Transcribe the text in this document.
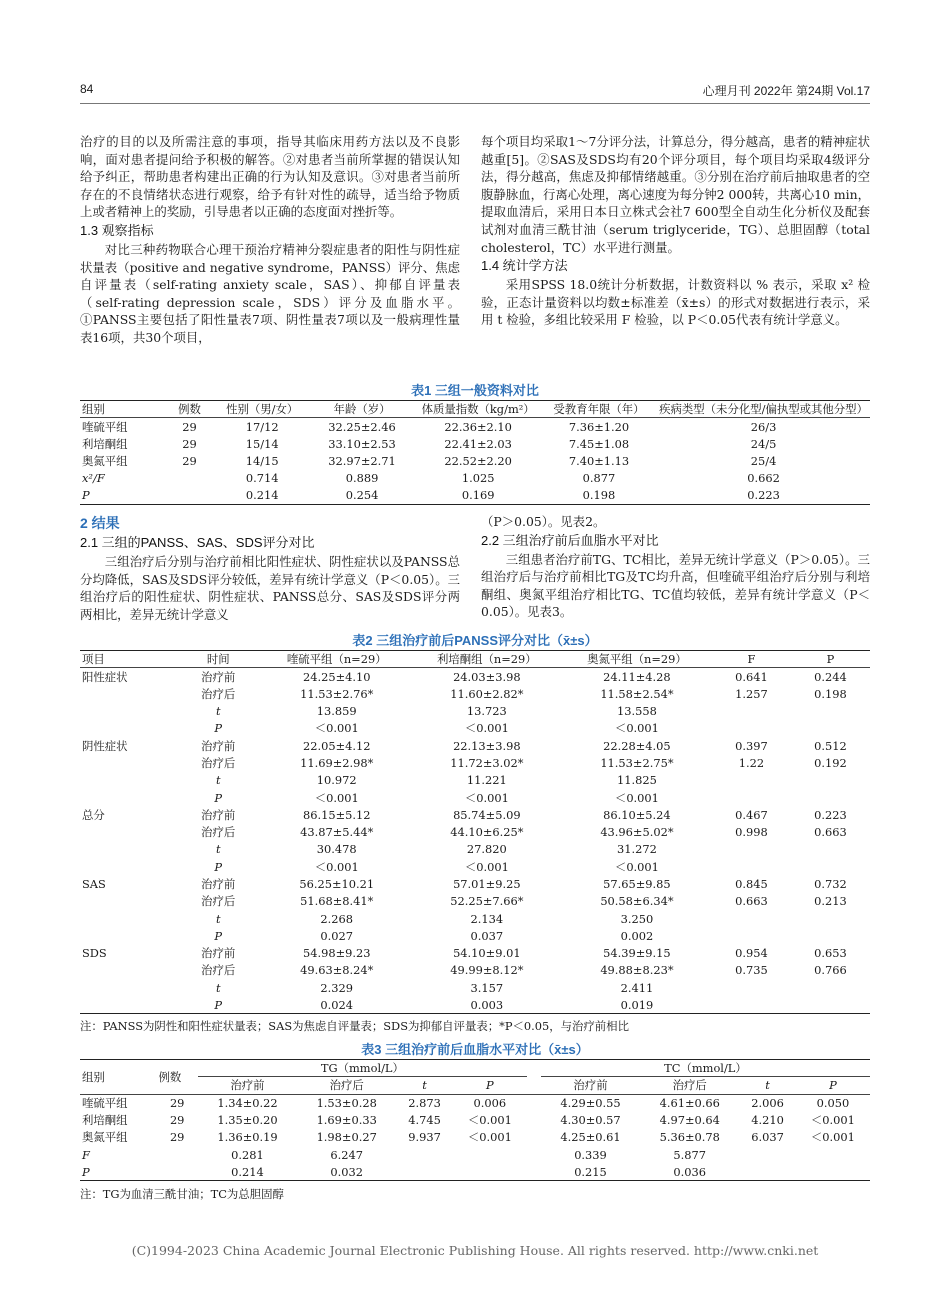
84	心理月刊 2022年 第24期 Vol.17

治疗的目的以及所需注意的事项，指导其临床用药方法以及不良影响，面对患者提问给予积极的解答。②对患者当前所掌握的错误认知给予纠正，帮助患者构建出正确的行为认知及意识。③对患者当前所存在的不良情绪状态进行观察，给予有针对性的疏导，适当给予物质上或者精神上的奖励，引导患者以正确的态度面对挫折等。

1.3 观察指标

对比三种药物联合心理干预治疗精神分裂症患者的阳性与阴性症状量表（positive and negative syndrome，PANSS）评分、焦虑自评量表（self-rating anxiety scale，SAS）、抑郁自评量表（self-rating depression scale，SDS）评分及血脂水平。①PANSS主要包括了阳性量表7项、阴性量表7项以及一般病理性量表16项，共30个项目，

每个项目均采取1～7分评分法，计算总分，得分越高，患者的精神症状越重[5]。②SAS及SDS均有20个评分项目，每个项目均采取4级评分法，得分越高，焦虑及抑郁情绪越重。③分别在治疗前后抽取患者的空腹静脉血，行离心处理，离心速度为每分钟2 000转，共离心10 min，提取血清后，采用日本日立株式会社7 600型全自动生化分析仪及配套试剂对血清三酰甘油（serum triglyceride，TG）、总胆固醇（total cholesterol，TC）水平进行测量。

1.4 统计学方法

采用SPSS 18.0统计分析数据，计数资料以 % 表示，采取 x² 检验，正态计量资料以均数±标准差（x̄±s）的形式对数据进行表示，采用 t 检验，多组比较采用 F 检验，以 P＜0.05代表有统计学意义。

表1 三组一般资料对比
组别	例数	性别（男/女）	年龄（岁）	体质量指数（kg/m²）	受教育年限（年）	疾病类型（未分化型/偏执型或其他分型）
喹硫平组	29	17/12	32.25±2.46	22.36±2.10	7.36±1.20	26/3
利培酮组	29	15/14	33.10±2.53	22.41±2.03	7.45±1.08	24/5
奥氮平组	29	14/15	32.97±2.71	22.52±2.20	7.40±1.13	25/4
x²/F		0.714	0.889	1.025	0.877	0.662
P		0.214	0.254	0.169	0.198	0.223
2 结果
2.1 三组的PANSS、SAS、SDS评分对比

三组治疗后分别与治疗前相比阳性症状、阴性症状以及PANSS总分均降低，SAS及SDS评分较低，差异有统计学意义（P＜0.05）。三组治疗后的阳性症状、阴性症状、PANSS总分、SAS及SDS评分两两相比，差异无统计学意义

（P＞0.05）。见表2。

2.2 三组治疗前后血脂水平对比

三组患者治疗前TG、TC相比，差异无统计学意义（P＞0.05）。三组治疗后与治疗前相比TG及TC均升高，但喹硫平组治疗后分别与利培酮组、奥氮平组治疗相比TG、TC值均较低，差异有统计学意义（P＜0.05）。见表3。

表2 三组治疗前后PANSS评分对比（x̄±s）
项目	时间	喹硫平组（n=29）	利培酮组（n=29）	奥氮平组（n=29）	F	P
阳性症状	治疗前	24.25±4.10	24.03±3.98	24.11±4.28	0.641	0.244
	治疗后	11.53±2.76*	11.60±2.82*	11.58±2.54*	1.257	0.198
	t	13.859	13.723	13.558		
	P	＜0.001	＜0.001	＜0.001		
阴性症状	治疗前	22.05±4.12	22.13±3.98	22.28±4.05	0.397	0.512
	治疗后	11.69±2.98*	11.72±3.02*	11.53±2.75*	1.22	0.192
	t	10.972	11.221	11.825		
	P	＜0.001	＜0.001	＜0.001		
总分	治疗前	86.15±5.12	85.74±5.09	86.10±5.24	0.467	0.223
	治疗后	43.87±5.44*	44.10±6.25*	43.96±5.02*	0.998	0.663
	t	30.478	27.820	31.272		
	P	＜0.001	＜0.001	＜0.001		
SAS	治疗前	56.25±10.21	57.01±9.25	57.65±9.85	0.845	0.732
	治疗后	51.68±8.41*	52.25±7.66*	50.58±6.34*	0.663	0.213
	t	2.268	2.134	3.250		
	P	0.027	0.037	0.002		
SDS	治疗前	54.98±9.23	54.10±9.01	54.39±9.15	0.954	0.653
	治疗后	49.63±8.24*	49.99±8.12*	49.88±8.23*	0.735	0.766
	t	2.329	3.157	2.411		
	P	0.024	0.003	0.019		
注：PANSS为阴性和阳性症状量表；SAS为焦虑自评量表；SDS为抑郁自评量表；*P＜0.05，与治疗前相比
表3 三组治疗前后血脂水平对比（x̄±s）
组别	例数	TG（mmol/L）					TC（mmol/L）			
		治疗前	治疗后	t	P		治疗前	治疗后	t	P
喹硫平组	29	1.34±0.22	1.53±0.28	2.873	0.006		4.29±0.55	4.61±0.66	2.006	0.050
利培酮组	29	1.35±0.20	1.69±0.33	4.745	＜0.001		4.30±0.57	4.97±0.64	4.210	＜0.001
奥氮平组	29	1.36±0.19	1.98±0.27	9.937	＜0.001		4.25±0.61	5.36±0.78	6.037	＜0.001
F		0.281	6.247				0.339	5.877		
P		0.214	0.032				0.215	0.036		
注：TG为血清三酰甘油；TC为总胆固醇
(C)1994-2023 China Academic Journal Electronic Publishing House. All rights reserved. http://www.cnki.net
